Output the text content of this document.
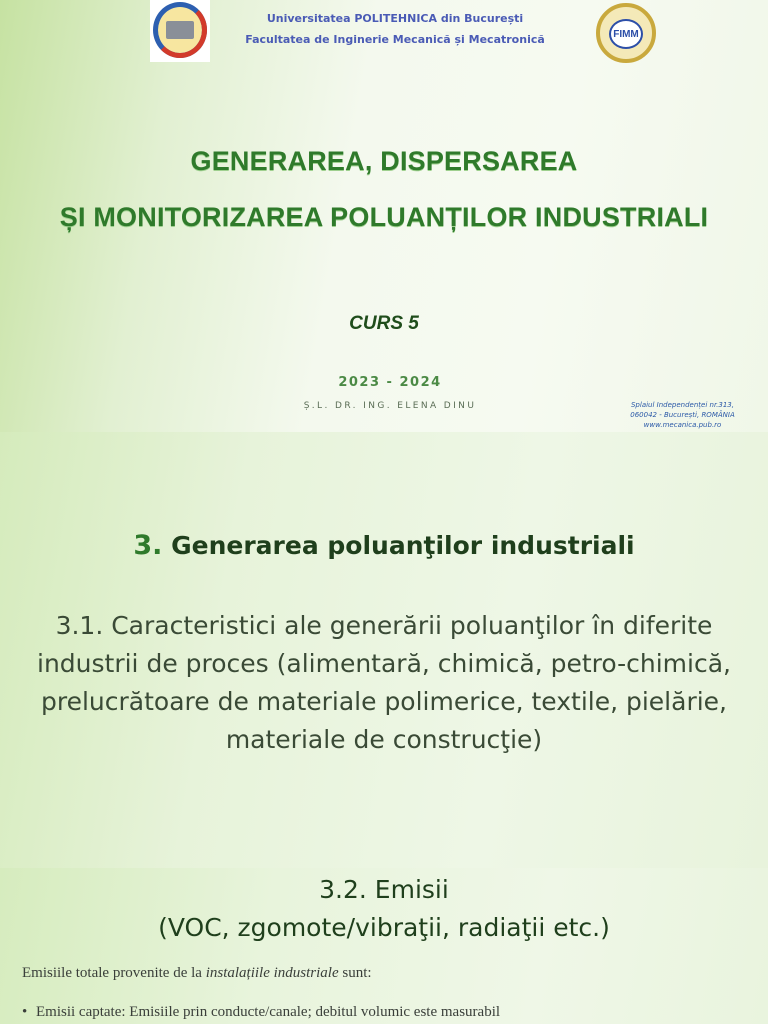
Universitatea POLITEHNICA din București
Facultatea de Inginerie Mecanică și Mecatronică	FIMM
GENERAREA, DISPERSAREA
ȘI MONITORIZAREA POLUANȚILOR INDUSTRIALI
CURS 5
2023 - 2024
Ș.L. DR. ING. ELENA DINU	Splaiul Independenței nr.313,
060042 - București, ROMÂNIA
www.mecanica.pub.ro
3. Generarea poluanţilor industriali
3.1. Caracteristici ale generării poluanţilor în diferite industrii de proces (alimentară, chimică, petro-chimică, prelucrătoare de materiale polimerice, textile, pielărie, materiale de construcţie)
3.2. Emisii
(VOC, zgomote/vibraţii, radiaţii etc.)
Emisiile totale provenite de la instalațiile industriale sunt:
• Emisii captate: Emisiile prin conducte/canale; debitul volumic este masurabil
